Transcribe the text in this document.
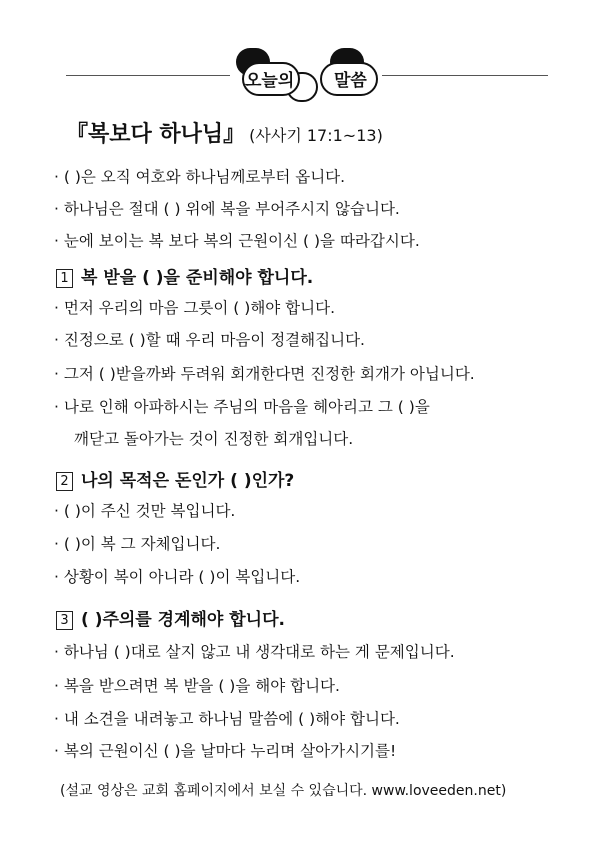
오늘의 말씀
『복보다 하나님』 (사사기 17:1~13)
· ( )은 오직 여호와 하나님께로부터 옵니다.
· 하나님은 절대 ( ) 위에 복을 부어주시지 않습니다.
· 눈에 보이는 복 보다 복의 근원이신 ( )을 따라갑시다.
1 복 받을 ( )을 준비해야 합니다.
· 먼저 우리의 마음 그릇이 ( )해야 합니다.
· 진정으로 ( )할 때 우리 마음이 정결해집니다.
· 그저 ( )받을까봐 두려워 회개한다면 진정한 회개가 아닙니다.
· 나로 인해 아파하시는 주님의 마음을 헤아리고 그 ( )을
깨닫고 돌아가는 것이 진정한 회개입니다.
2 나의 목적은 돈인가 ( )인가?
· ( )이 주신 것만 복입니다.
· ( )이 복 그 자체입니다.
· 상황이 복이 아니라 ( )이 복입니다.
3 ( )주의를 경계해야 합니다.
· 하나님 ( )대로 살지 않고 내 생각대로 하는 게 문제입니다.
· 복을 받으려면 복 받을 ( )을 해야 합니다.
· 내 소견을 내려놓고 하나님 말씀에 ( )해야 합니다.
· 복의 근원이신 ( )을 날마다 누리며 살아가시기를!
(설교 영상은 교회 홈페이지에서 보실 수 있습니다. www.loveeden.net)
